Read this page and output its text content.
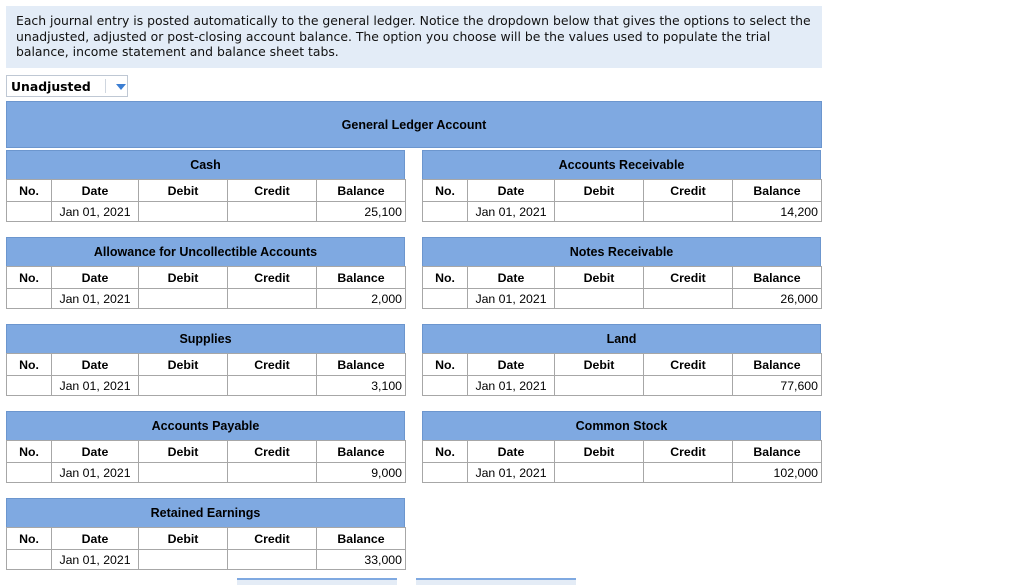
Each journal entry is posted automatically to the general ledger. Notice the dropdown below that gives the options to select the unadjusted, adjusted or post-closing account balance. The option you choose will be the values used to populate the trial balance, income statement and balance sheet tabs.
Unadjusted
General Ledger Account
Cash
No.	Date	Debit	Credit	Balance
	Jan 01, 2021			25,100
Accounts Receivable
No.	Date	Debit	Credit	Balance
	Jan 01, 2021			14,200
Allowance for Uncollectible Accounts
No.	Date	Debit	Credit	Balance
	Jan 01, 2021			2,000
Notes Receivable
No.	Date	Debit	Credit	Balance
	Jan 01, 2021			26,000
Supplies
No.	Date	Debit	Credit	Balance
	Jan 01, 2021			3,100
Land
No.	Date	Debit	Credit	Balance
	Jan 01, 2021			77,600
Accounts Payable
No.	Date	Debit	Credit	Balance
	Jan 01, 2021			9,000
Common Stock
No.	Date	Debit	Credit	Balance
	Jan 01, 2021			102,000
Retained Earnings
No.	Date	Debit	Credit	Balance
	Jan 01, 2021			33,000
